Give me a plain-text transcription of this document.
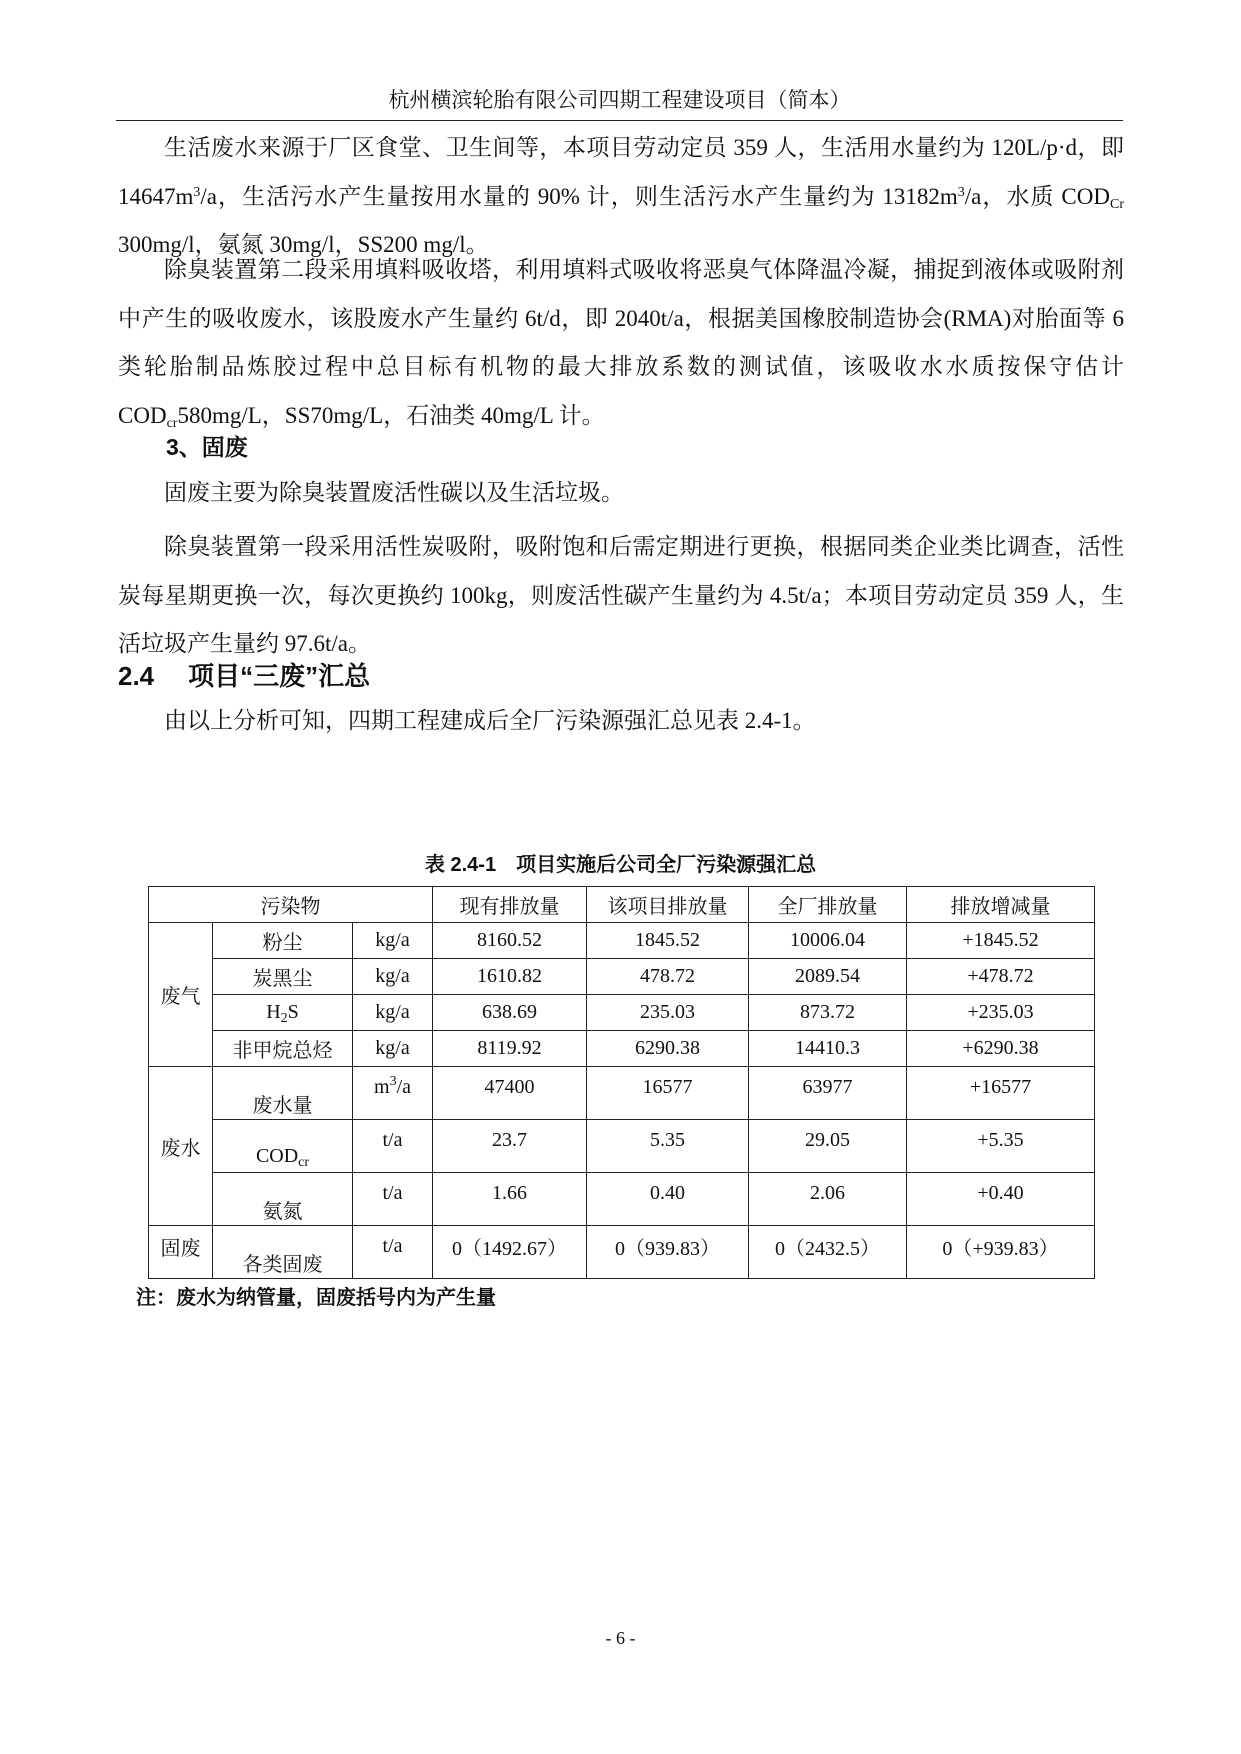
杭州横滨轮胎有限公司四期工程建设项目（简本）

生活废水来源于厂区食堂、卫生间等，本项目劳动定员 359 人，生活用水量约为 120L/p·d，即 $14647m^3/a$，生活污水产生量按用水量的 90% 计，则生活污水产生量约为 $13182m^3/a$，水质 $COD_{Cr}$ 300mg/l，氨氮 30mg/l，SS200 mg/l。

除臭装置第二段采用填料吸收塔，利用填料式吸收将恶臭气体降温冷凝，捕捉到液体或吸附剂中产生的吸收废水，该股废水产生量约 6t/d，即 2040t/a，根据美国橡胶制造协会(RMA)对胎面等 6 类轮胎制品炼胶过程中总目标有机物的最大排放系数的测试值，该吸收水水质按保守估计 $COD_{cr}580mg/L$，SS70mg/L，石油类 40mg/L 计。

3、固废

固废主要为除臭装置废活性碳以及生活垃圾。

除臭装置第一段采用活性炭吸附，吸附饱和后需定期进行更换，根据同类企业类比调查，活性炭每星期更换一次，每次更换约 100kg，则废活性碳产生量约为 4.5t/a；本项目劳动定员 359 人，生活垃圾产生量约 97.6t/a。

2.4 项目“三废”汇总

由以上分析可知，四期工程建成后全厂污染源强汇总见表 2.4-1。

表 2.4-1 项目实施后公司全厂污染源强汇总
污染物			现有排放量	该项目排放量	全厂排放量	排放增减量
废气	粉尘	kg/a	8160.52	1845.52	10006.04	+1845.52
	炭黑尘	kg/a	1610.82	478.72	2089.54	+478.72
	$H_2S$	kg/a	638.69	235.03	873.72	+235.03
	非甲烷总烃	kg/a	8119.92	6290.38	14410.3	+6290.38
废水	废水量	$m^3/a$	47400	16577	63977	+16577
	$COD_{cr}$	t/a	23.7	5.35	29.05	+5.35
	氨氮	t/a	1.66	0.40	2.06	+0.40
固废	各类固废	t/a	0（1492.67）	0（939.83）	0（2432.5）	0（+939.83）
注：废水为纳管量，固废括号内为产生量
- 6 -
